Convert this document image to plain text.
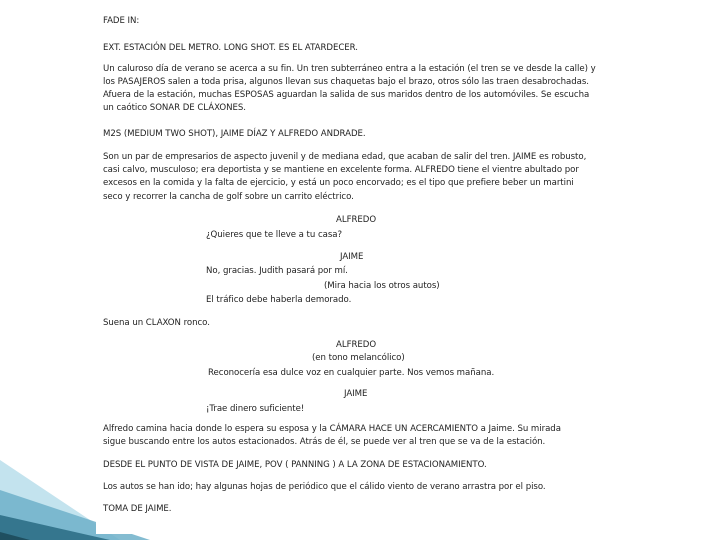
FADE IN:
EXT. ESTACIÓN DEL METRO. LONG SHOT. ES EL ATARDECER.
Un caluroso día de verano se acerca a su fin. Un tren subterráneo entra a la estación (el tren se ve desde la calle) y
los PASAJEROS salen a toda prisa, algunos llevan sus chaquetas bajo el brazo, otros sólo las traen desabrochadas.
Afuera de la estación, muchas ESPOSAS aguardan la salida de sus maridos dentro de los automóviles. Se escucha
un caótico SONAR DE CLÁXONES.
M2S (MEDIUM TWO SHOT), JAIME DÍAZ Y ALFREDO ANDRADE.
Son un par de empresarios de aspecto juvenil y de mediana edad, que acaban de salir del tren. JAIME es robusto,
casi calvo, musculoso; era deportista y se mantiene en excelente forma. ALFREDO tiene el vientre abultado por
excesos en la comida y la falta de ejercicio, y está un poco encorvado; es el tipo que prefiere beber un martini
seco y recorrer la cancha de golf sobre un carrito eléctrico.
ALFREDO
¿Quieres que te lleve a tu casa?
JAIME
No, gracias. Judith pasará por mí.
(Mira hacia los otros autos)
El tráfico debe haberla demorado.
Suena un CLAXON ronco.
ALFREDO
(en tono melancólico)
Reconocería esa dulce voz en cualquier parte. Nos vemos mañana.
JAIME
¡Trae dinero suficiente!
Alfredo camina hacia donde lo espera su esposa y la CÁMARA HACE UN ACERCAMIENTO a Jaime. Su mirada
sigue buscando entre los autos estacionados. Atrás de él, se puede ver al tren que se va de la estación.
DESDE EL PUNTO DE VISTA DE JAIME, POV ( PANNING ) A LA ZONA DE ESTACIONAMIENTO.
Los autos se han ido; hay algunas hojas de periódico que el cálido viento de verano arrastra por el piso.
TOMA DE JAIME.
